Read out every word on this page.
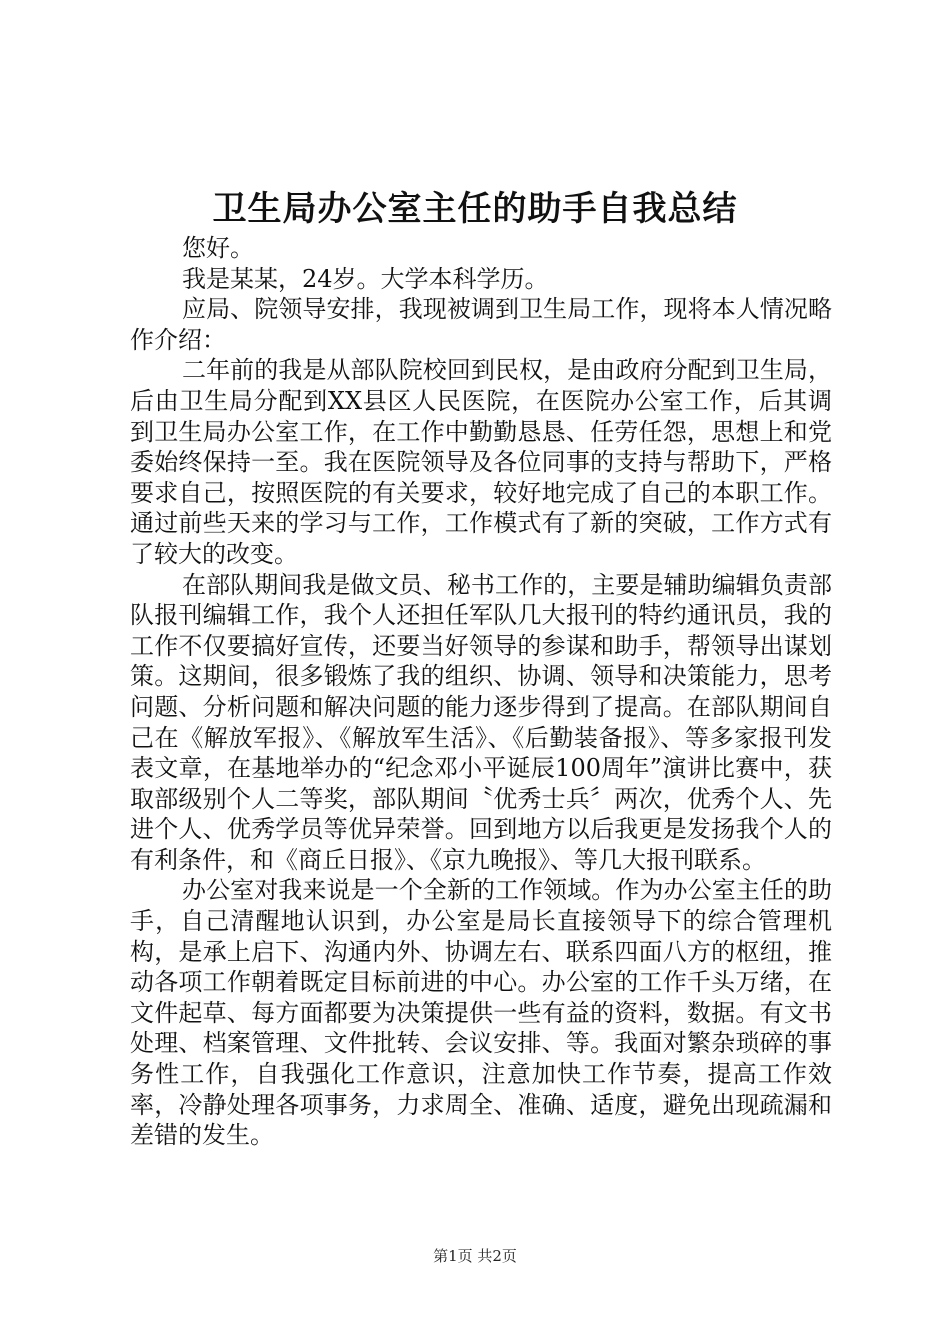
卫生局办公室主任的助手自我总结

您好。

我是某某，24岁。大学本科学历。

应局、院领导安排，我现被调到卫生局工作，现将本人情况略作介绍：

二年前的我是从部队院校回到民权，是由政府分配到卫生局，后由卫生局分配到XX县区人民医院，在医院办公室工作，后其调到卫生局办公室工作，在工作中勤勤恳恳、任劳任怨，思想上和党委始终保持一至。我在医院领导及各位同事的支持与帮助下，严格要求自己，按照医院的有关要求，较好地完成了自己的本职工作。通过前些天来的学习与工作，工作模式有了新的突破，工作方式有了较大的改变。

在部队期间我是做文员、秘书工作的，主要是辅助编辑负责部队报刊编辑工作，我个人还担任军队几大报刊的特约通讯员，我的工作不仅要搞好宣传，还要当好领导的参谋和助手，帮领导出谋划策。这期间，很多锻炼了我的组织、协调、领导和决策能力，思考问题、分析问题和解决问题的能力逐步得到了提高。在部队期间自己在《解放军报》、《解放军生活》、《后勤装备报》、等多家报刊发表文章，在基地举办的“纪念邓小平诞辰100周年”演讲比赛中，获取部级别个人二等奖，部队期间〝优秀士兵〞两次，优秀个人、先进个人、优秀学员等优异荣誉。回到地方以后我更是发扬我个人的有利条件，和《商丘日报》、《京九晚报》、等几大报刊联系。

办公室对我来说是一个全新的工作领域。作为办公室主任的助手，自己清醒地认识到，办公室是局长直接领导下的综合管理机构，是承上启下、沟通内外、协调左右、联系四面八方的枢纽，推动各项工作朝着既定目标前进的中心。办公室的工作千头万绪，在文件起草、每方面都要为决策提供一些有益的资料，数据。有文书处理、档案管理、文件批转、会议安排、等。我面对繁杂琐碎的事务性工作，自我强化工作意识，注意加快工作节奏，提高工作效率，冷静处理各项事务，力求周全、准确、适度，避免出现疏漏和差错的发生。

第1页 共2页
